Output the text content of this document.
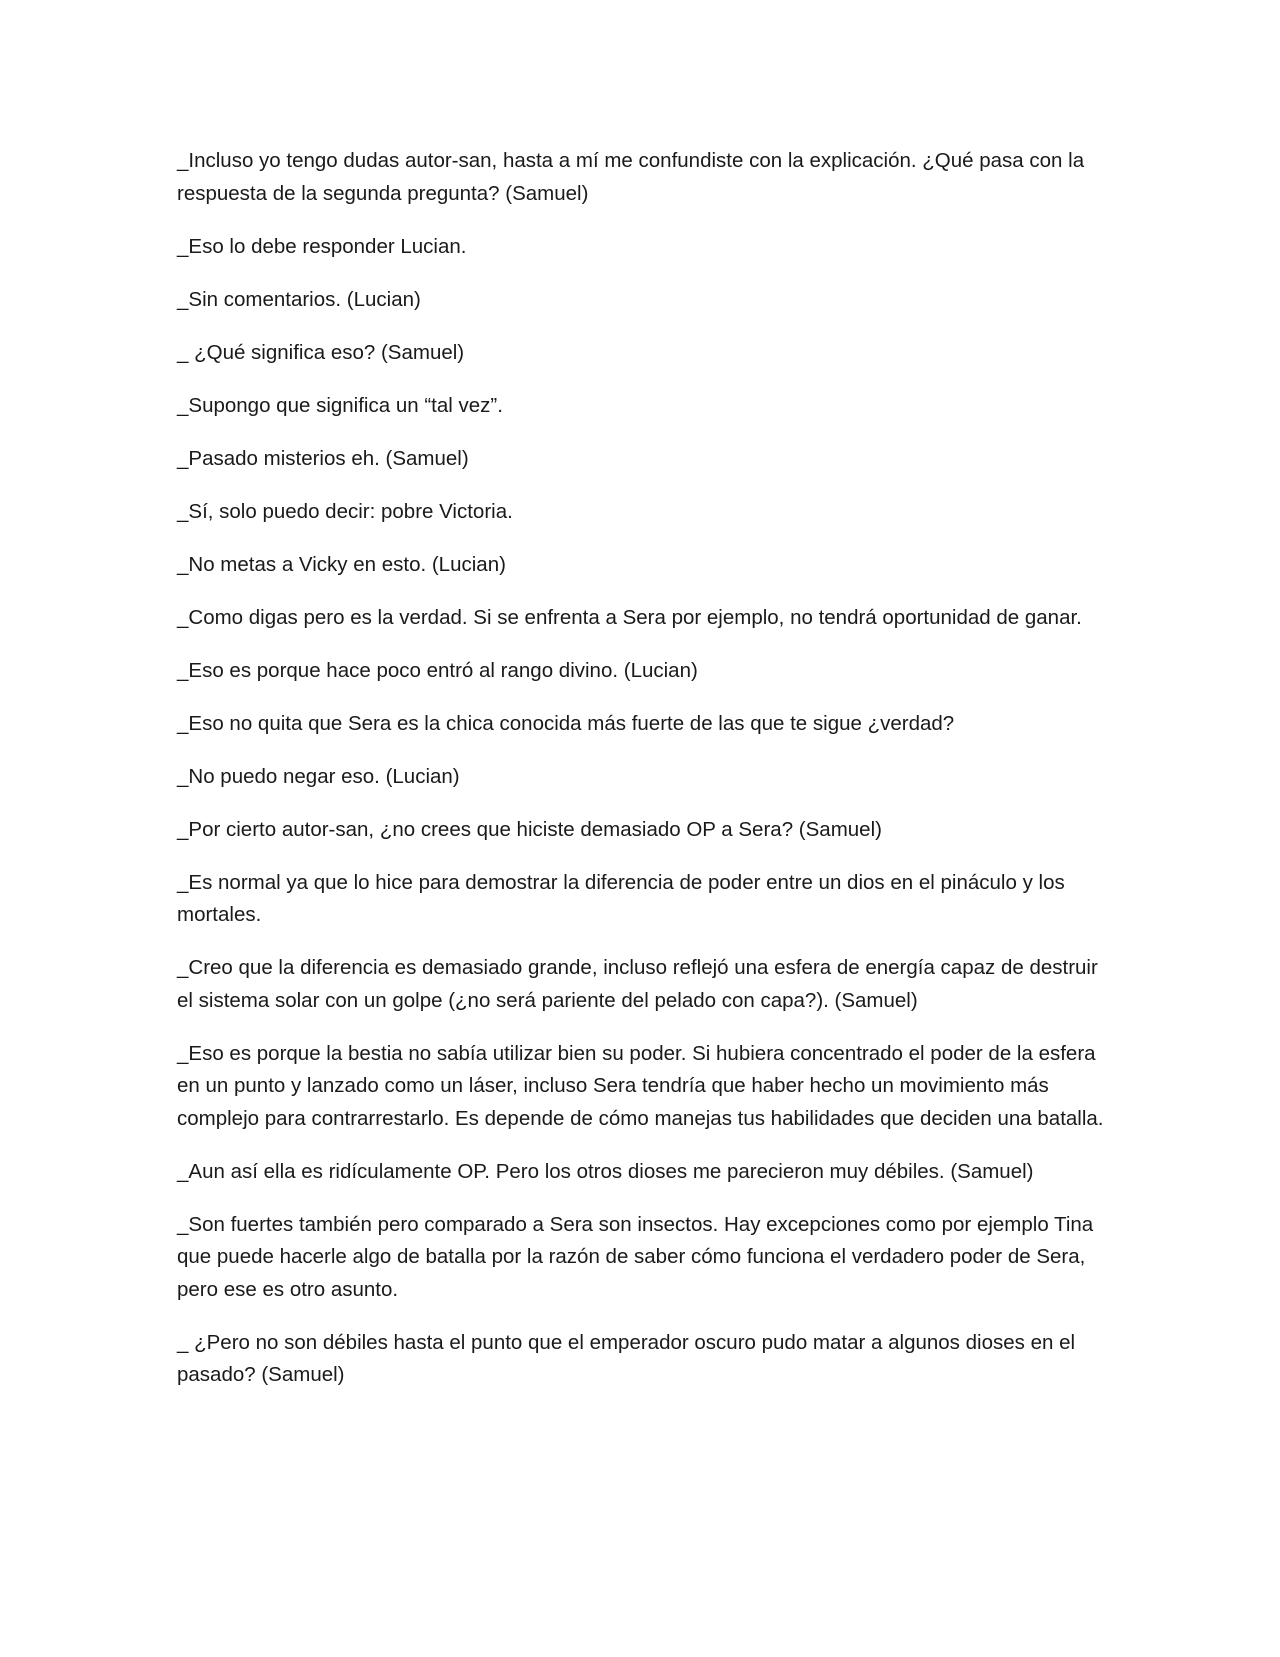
_Incluso yo tengo dudas autor-san, hasta a mí me confundiste con la explicación. ¿Qué pasa con la respuesta de la segunda pregunta? (Samuel)

_Eso lo debe responder Lucian.

_Sin comentarios. (Lucian)

_ ¿Qué significa eso? (Samuel)

_Supongo que significa un “tal vez”.

_Pasado misterios eh. (Samuel)

_Sí, solo puedo decir: pobre Victoria.

_No metas a Vicky en esto. (Lucian)

_Como digas pero es la verdad. Si se enfrenta a Sera por ejemplo, no tendrá oportunidad de ganar.

_Eso es porque hace poco entró al rango divino. (Lucian)

_Eso no quita que Sera es la chica conocida más fuerte de las que te sigue ¿verdad?

_No puedo negar eso. (Lucian)

_Por cierto autor-san, ¿no crees que hiciste demasiado OP a Sera? (Samuel)

_Es normal ya que lo hice para demostrar la diferencia de poder entre un dios en el pináculo y los mortales.

_Creo que la diferencia es demasiado grande, incluso reflejó una esfera de energía capaz de destruir el sistema solar con un golpe (¿no será pariente del pelado con capa?). (Samuel)

_Eso es porque la bestia no sabía utilizar bien su poder. Si hubiera concentrado el poder de la esfera en un punto y lanzado como un láser, incluso Sera tendría que haber hecho un movimiento más complejo para contrarrestarlo. Es depende de cómo manejas tus habilidades que deciden una batalla.

_Aun así ella es ridículamente OP. Pero los otros dioses me parecieron muy débiles. (Samuel)

_Son fuertes también pero comparado a Sera son insectos. Hay excepciones como por ejemplo Tina que puede hacerle algo de batalla por la razón de saber cómo funciona el verdadero poder de Sera, pero ese es otro asunto.

_ ¿Pero no son débiles hasta el punto que el emperador oscuro pudo matar a algunos dioses en el pasado? (Samuel)
